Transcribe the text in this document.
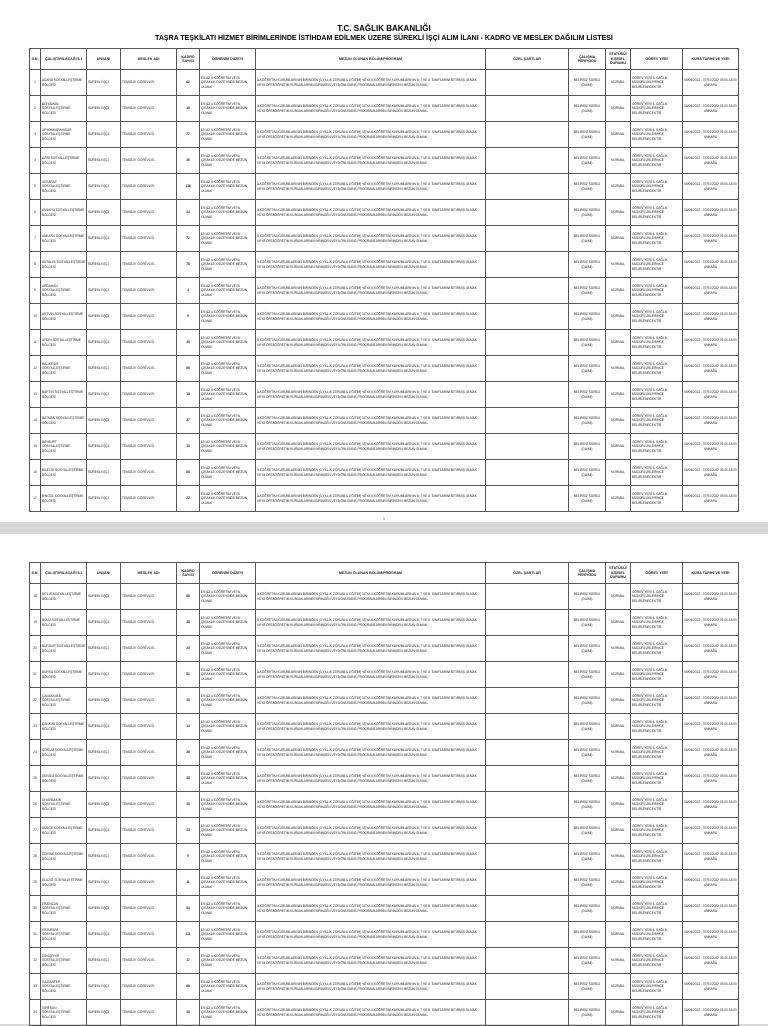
T.C. SAĞLIK BAKANLIĞI
TAŞRA TEŞKİLATI HİZMET BİRİMLERİNDE İSTİHDAM EDİLMEK ÜZERE SÜREKLİ İŞÇİ ALIM İLANI - KADRO VE MESLEK DAĞILIM LİSTESİ
S.N.	ÇALIŞTIRILACAĞI İLİ	UNVANI	MESLEK ADI	KADRO SAYISI	ÖĞRENİM DÜZEYİ	MEZUN OLUNAN BÖLÜM/PROGRAM	ÖZEL ŞARTLAR	ÇALIŞMA PERİYODU	STATÜSÜ/ KİŞİSEL DURUMU	GÖREV YERİ	KURA TARİHİ VE YERİ
1	ADANA SOSYALLEŞTİRME BÖLGESİ	SÜREKLİ İŞÇİ	TEMİZLİK GÖREVLİSİ	62	EN AZ İLKÖĞRETİM VEYA ÇIRAKLIK DÜZEYİNDE MEZUN OLMAK	İLKÖĞRETİM KURUMLARININ BİRİNDEN (3 YILLIK ZORUNLU EĞİTİM) VEYA İLKÖĞRETİM KURUMLARININ 6, 7 VE 8. SINIFLARINI BİTİRMİŞ OLMAK VEYA ORTAÖĞRETİM KURUMLARININ BİRİNDEN VEYA ÖNLİSANS PROGRAMLARININ BİRİNDEN MEZUN OLMAK.		BELİRSİZ SÜRELİ (DAİMİ)	NORMAL	GÖREV YERİ İL SAĞLIK MÜDÜRLÜKLERİNCE BELİRLENECEKTİR.	06/04/2022 - 07/04/2022 09.00-18.00 ANKARA
2	ADIYAMAN SOSYALLEŞTİRME BÖLGESİ	SÜREKLİ İŞÇİ	TEMİZLİK GÖREVLİSİ	19	EN AZ İLKÖĞRETİM VEYA ÇIRAKLIK DÜZEYİNDE MEZUN OLMAK	İLKÖĞRETİM KURUMLARININ BİRİNDEN (3 YILLIK ZORUNLU EĞİTİM) VEYA İLKÖĞRETİM KURUMLARININ 6, 7 VE 8. SINIFLARINI BİTİRMİŞ OLMAK VEYA ORTAÖĞRETİM KURUMLARININ BİRİNDEN VEYA ÖNLİSANS PROGRAMLARININ BİRİNDEN MEZUN OLMAK.		BELİRSİZ SÜRELİ (DAİMİ)	NORMAL	GÖREV YERİ İL SAĞLIK MÜDÜRLÜKLERİNCE BELİRLENECEKTİR.	06/04/2022 - 07/04/2022 09.00-18.00 ANKARA
3	AFYONKARAHİSAR SOSYALLEŞTİRME BÖLGESİ	SÜREKLİ İŞÇİ	TEMİZLİK GÖREVLİSİ	77	EN AZ İLKÖĞRETİM VEYA ÇIRAKLIK DÜZEYİNDE MEZUN OLMAK	İLKÖĞRETİM KURUMLARININ BİRİNDEN (3 YILLIK ZORUNLU EĞİTİM) VEYA İLKÖĞRETİM KURUMLARININ 6, 7 VE 8. SINIFLARINI BİTİRMİŞ OLMAK VEYA ORTAÖĞRETİM KURUMLARININ BİRİNDEN VEYA ÖNLİSANS PROGRAMLARININ BİRİNDEN MEZUN OLMAK.		BELİRSİZ SÜRELİ (DAİMİ)	NORMAL	GÖREV YERİ İL SAĞLIK MÜDÜRLÜKLERİNCE BELİRLENECEKTİR.	06/04/2022 - 07/04/2022 09.00-18.00 ANKARA
4	AĞRI SOSYALLEŞTİRME BÖLGESİ	SÜREKLİ İŞÇİ	TEMİZLİK GÖREVLİSİ	36	EN AZ İLKÖĞRETİM VEYA ÇIRAKLIK DÜZEYİNDE MEZUN OLMAK	İLKÖĞRETİM KURUMLARININ BİRİNDEN (3 YILLIK ZORUNLU EĞİTİM) VEYA İLKÖĞRETİM KURUMLARININ 6, 7 VE 8. SINIFLARINI BİTİRMİŞ OLMAK VEYA ORTAÖĞRETİM KURUMLARININ BİRİNDEN VEYA ÖNLİSANS PROGRAMLARININ BİRİNDEN MEZUN OLMAK.		BELİRSİZ SÜRELİ (DAİMİ)	NORMAL	GÖREV YERİ İL SAĞLIK MÜDÜRLÜKLERİNCE BELİRLENECEKTİR.	06/04/2022 - 07/04/2022 09.00-18.00 ANKARA
5	AKSARAY SOSYALLEŞTİRME BÖLGESİ	SÜREKLİ İŞÇİ	TEMİZLİK GÖREVLİSİ	136	EN AZ İLKÖĞRETİM VEYA ÇIRAKLIK DÜZEYİNDE MEZUN OLMAK	İLKÖĞRETİM KURUMLARININ BİRİNDEN (3 YILLIK ZORUNLU EĞİTİM) VEYA İLKÖĞRETİM KURUMLARININ 6, 7 VE 8. SINIFLARINI BİTİRMİŞ OLMAK VEYA ORTAÖĞRETİM KURUMLARININ BİRİNDEN VEYA ÖNLİSANS PROGRAMLARININ BİRİNDEN MEZUN OLMAK.		BELİRSİZ SÜRELİ (DAİMİ)	NORMAL	GÖREV YERİ İL SAĞLIK MÜDÜRLÜKLERİNCE BELİRLENECEKTİR.	06/04/2022 - 07/04/2022 09.00-18.00 ANKARA
6	AMASYA SOSYALLEŞTİRME BÖLGESİ	SÜREKLİ İŞÇİ	TEMİZLİK GÖREVLİSİ	24	EN AZ İLKÖĞRETİM VEYA ÇIRAKLIK DÜZEYİNDE MEZUN OLMAK	İLKÖĞRETİM KURUMLARININ BİRİNDEN (3 YILLIK ZORUNLU EĞİTİM) VEYA İLKÖĞRETİM KURUMLARININ 6, 7 VE 8. SINIFLARINI BİTİRMİŞ OLMAK VEYA ORTAÖĞRETİM KURUMLARININ BİRİNDEN VEYA ÖNLİSANS PROGRAMLARININ BİRİNDEN MEZUN OLMAK.		BELİRSİZ SÜRELİ (DAİMİ)	NORMAL	GÖREV YERİ İL SAĞLIK MÜDÜRLÜKLERİNCE BELİRLENECEKTİR.	06/04/2022 - 07/04/2022 09.00-18.00 ANKARA
7	ANKARA SOSYALLEŞTİRME BÖLGESİ	SÜREKLİ İŞÇİ	TEMİZLİK GÖREVLİSİ	72	EN AZ İLKÖĞRETİM VEYA ÇIRAKLIK DÜZEYİNDE MEZUN OLMAK	İLKÖĞRETİM KURUMLARININ BİRİNDEN (3 YILLIK ZORUNLU EĞİTİM) VEYA İLKÖĞRETİM KURUMLARININ 6, 7 VE 8. SINIFLARINI BİTİRMİŞ OLMAK VEYA ORTAÖĞRETİM KURUMLARININ BİRİNDEN VEYA ÖNLİSANS PROGRAMLARININ BİRİNDEN MEZUN OLMAK.		BELİRSİZ SÜRELİ (DAİMİ)	NORMAL	GÖREV YERİ İL SAĞLIK MÜDÜRLÜKLERİNCE BELİRLENECEKTİR.	06/04/2022 - 07/04/2022 09.00-18.00 ANKARA
8	ANTALYA SOSYALLEŞTİRME BÖLGESİ	SÜREKLİ İŞÇİ	TEMİZLİK GÖREVLİSİ	78	EN AZ İLKÖĞRETİM VEYA ÇIRAKLIK DÜZEYİNDE MEZUN OLMAK	İLKÖĞRETİM KURUMLARININ BİRİNDEN (3 YILLIK ZORUNLU EĞİTİM) VEYA İLKÖĞRETİM KURUMLARININ 6, 7 VE 8. SINIFLARINI BİTİRMİŞ OLMAK VEYA ORTAÖĞRETİM KURUMLARININ BİRİNDEN VEYA ÖNLİSANS PROGRAMLARININ BİRİNDEN MEZUN OLMAK.		BELİRSİZ SÜRELİ (DAİMİ)	NORMAL	GÖREV YERİ İL SAĞLIK MÜDÜRLÜKLERİNCE BELİRLENECEKTİR.	06/04/2022 - 07/04/2022 09.00-18.00 ANKARA
9	ARDAHAN SOSYALLEŞTİRME BÖLGESİ	SÜREKLİ İŞÇİ	TEMİZLİK GÖREVLİSİ	4	EN AZ İLKÖĞRETİM VEYA ÇIRAKLIK DÜZEYİNDE MEZUN OLMAK	İLKÖĞRETİM KURUMLARININ BİRİNDEN (3 YILLIK ZORUNLU EĞİTİM) VEYA İLKÖĞRETİM KURUMLARININ 6, 7 VE 8. SINIFLARINI BİTİRMİŞ OLMAK VEYA ORTAÖĞRETİM KURUMLARININ BİRİNDEN VEYA ÖNLİSANS PROGRAMLARININ BİRİNDEN MEZUN OLMAK.		BELİRSİZ SÜRELİ (DAİMİ)	NORMAL	GÖREV YERİ İL SAĞLIK MÜDÜRLÜKLERİNCE BELİRLENECEKTİR.	06/04/2022 - 07/04/2022 09.00-18.00 ANKARA
10	ARTVİN SOSYALLEŞTİRME BÖLGESİ	SÜREKLİ İŞÇİ	TEMİZLİK GÖREVLİSİ	9	EN AZ İLKÖĞRETİM VEYA ÇIRAKLIK DÜZEYİNDE MEZUN OLMAK	İLKÖĞRETİM KURUMLARININ BİRİNDEN (3 YILLIK ZORUNLU EĞİTİM) VEYA İLKÖĞRETİM KURUMLARININ 6, 7 VE 8. SINIFLARINI BİTİRMİŞ OLMAK VEYA ORTAÖĞRETİM KURUMLARININ BİRİNDEN VEYA ÖNLİSANS PROGRAMLARININ BİRİNDEN MEZUN OLMAK.		BELİRSİZ SÜRELİ (DAİMİ)	NORMAL	GÖREV YERİ İL SAĞLIK MÜDÜRLÜKLERİNCE BELİRLENECEKTİR.	06/04/2022 - 07/04/2022 09.00-18.00 ANKARA
11	AYDIN SOSYALLEŞTİRME BÖLGESİ	SÜREKLİ İŞÇİ	TEMİZLİK GÖREVLİSİ	40	EN AZ İLKÖĞRETİM VEYA ÇIRAKLIK DÜZEYİNDE MEZUN OLMAK	İLKÖĞRETİM KURUMLARININ BİRİNDEN (3 YILLIK ZORUNLU EĞİTİM) VEYA İLKÖĞRETİM KURUMLARININ 6, 7 VE 8. SINIFLARINI BİTİRMİŞ OLMAK VEYA ORTAÖĞRETİM KURUMLARININ BİRİNDEN VEYA ÖNLİSANS PROGRAMLARININ BİRİNDEN MEZUN OLMAK.		BELİRSİZ SÜRELİ (DAİMİ)	NORMAL	GÖREV YERİ İL SAĞLIK MÜDÜRLÜKLERİNCE BELİRLENECEKTİR.	06/04/2022 - 07/04/2022 09.00-18.00 ANKARA
12	BALIKESİR SOSYALLEŞTİRME BÖLGESİ	SÜREKLİ İŞÇİ	TEMİZLİK GÖREVLİSİ	66	EN AZ İLKÖĞRETİM VEYA ÇIRAKLIK DÜZEYİNDE MEZUN OLMAK	İLKÖĞRETİM KURUMLARININ BİRİNDEN (3 YILLIK ZORUNLU EĞİTİM) VEYA İLKÖĞRETİM KURUMLARININ 6, 7 VE 8. SINIFLARINI BİTİRMİŞ OLMAK VEYA ORTAÖĞRETİM KURUMLARININ BİRİNDEN VEYA ÖNLİSANS PROGRAMLARININ BİRİNDEN MEZUN OLMAK.		BELİRSİZ SÜRELİ (DAİMİ)	NORMAL	GÖREV YERİ İL SAĞLIK MÜDÜRLÜKLERİNCE BELİRLENECEKTİR.	06/04/2022 - 07/04/2022 09.00-18.00 ANKARA
13	BARTIN SOSYALLEŞTİRME BÖLGESİ	SÜREKLİ İŞÇİ	TEMİZLİK GÖREVLİSİ	15	EN AZ İLKÖĞRETİM VEYA ÇIRAKLIK DÜZEYİNDE MEZUN OLMAK	İLKÖĞRETİM KURUMLARININ BİRİNDEN (3 YILLIK ZORUNLU EĞİTİM) VEYA İLKÖĞRETİM KURUMLARININ 6, 7 VE 8. SINIFLARINI BİTİRMİŞ OLMAK VEYA ORTAÖĞRETİM KURUMLARININ BİRİNDEN VEYA ÖNLİSANS PROGRAMLARININ BİRİNDEN MEZUN OLMAK.		BELİRSİZ SÜRELİ (DAİMİ)	NORMAL	GÖREV YERİ İL SAĞLIK MÜDÜRLÜKLERİNCE BELİRLENECEKTİR.	06/04/2022 - 07/04/2022 09.00-18.00 ANKARA
14	BATMAN SOSYALLEŞTİRME BÖLGESİ	SÜREKLİ İŞÇİ	TEMİZLİK GÖREVLİSİ	37	EN AZ İLKÖĞRETİM VEYA ÇIRAKLIK DÜZEYİNDE MEZUN OLMAK	İLKÖĞRETİM KURUMLARININ BİRİNDEN (3 YILLIK ZORUNLU EĞİTİM) VEYA İLKÖĞRETİM KURUMLARININ 6, 7 VE 8. SINIFLARINI BİTİRMİŞ OLMAK VEYA ORTAÖĞRETİM KURUMLARININ BİRİNDEN VEYA ÖNLİSANS PROGRAMLARININ BİRİNDEN MEZUN OLMAK.		BELİRSİZ SÜRELİ (DAİMİ)	NORMAL	GÖREV YERİ İL SAĞLIK MÜDÜRLÜKLERİNCE BELİRLENECEKTİR.	06/04/2022 - 07/04/2022 09.00-18.00 ANKARA
15	BAYBURT SOSYALLEŞTİRME BÖLGESİ	SÜREKLİ İŞÇİ	TEMİZLİK GÖREVLİSİ	13	EN AZ İLKÖĞRETİM VEYA ÇIRAKLIK DÜZEYİNDE MEZUN OLMAK	İLKÖĞRETİM KURUMLARININ BİRİNDEN (3 YILLIK ZORUNLU EĞİTİM) VEYA İLKÖĞRETİM KURUMLARININ 6, 7 VE 8. SINIFLARINI BİTİRMİŞ OLMAK VEYA ORTAÖĞRETİM KURUMLARININ BİRİNDEN VEYA ÖNLİSANS PROGRAMLARININ BİRİNDEN MEZUN OLMAK.		BELİRSİZ SÜRELİ (DAİMİ)	NORMAL	GÖREV YERİ İL SAĞLIK MÜDÜRLÜKLERİNCE BELİRLENECEKTİR.	06/04/2022 - 07/04/2022 09.00-18.00 ANKARA
16	BİLECİK SOSYALLEŞTİRME BÖLGESİ	SÜREKLİ İŞÇİ	TEMİZLİK GÖREVLİSİ	85	EN AZ İLKÖĞRETİM VEYA ÇIRAKLIK DÜZEYİNDE MEZUN OLMAK	İLKÖĞRETİM KURUMLARININ BİRİNDEN (3 YILLIK ZORUNLU EĞİTİM) VEYA İLKÖĞRETİM KURUMLARININ 6, 7 VE 8. SINIFLARINI BİTİRMİŞ OLMAK VEYA ORTAÖĞRETİM KURUMLARININ BİRİNDEN VEYA ÖNLİSANS PROGRAMLARININ BİRİNDEN MEZUN OLMAK.		BELİRSİZ SÜRELİ (DAİMİ)	NORMAL	GÖREV YERİ İL SAĞLIK MÜDÜRLÜKLERİNCE BELİRLENECEKTİR.	06/04/2022 - 07/04/2022 09.00-18.00 ANKARA
17	BİNGÖL SOSYALLEŞTİRME BÖLGESİ	SÜREKLİ İŞÇİ	TEMİZLİK GÖREVLİSİ	22	EN AZ İLKÖĞRETİM VEYA ÇIRAKLIK DÜZEYİNDE MEZUN OLMAK	İLKÖĞRETİM KURUMLARININ BİRİNDEN (3 YILLIK ZORUNLU EĞİTİM) VEYA İLKÖĞRETİM KURUMLARININ 6, 7 VE 8. SINIFLARINI BİTİRMİŞ OLMAK VEYA ORTAÖĞRETİM KURUMLARININ BİRİNDEN VEYA ÖNLİSANS PROGRAMLARININ BİRİNDEN MEZUN OLMAK.		BELİRSİZ SÜRELİ (DAİMİ)	NORMAL	GÖREV YERİ İL SAĞLIK MÜDÜRLÜKLERİNCE BELİRLENECEKTİR.	06/04/2022 - 07/04/2022 09.00-18.00 ANKARA
1
S.N.	ÇALIŞTIRILACAĞI İLİ	UNVANI	MESLEK ADI	KADRO SAYISI	ÖĞRENİM DÜZEYİ	MEZUN OLUNAN BÖLÜM/PROGRAM	ÖZEL ŞARTLAR	ÇALIŞMA PERİYODU	STATÜSÜ/ KİŞİSEL DURUMU	GÖREV YERİ	KURA TARİHİ VE YERİ
18	BİTLİS SOSYALLEŞTİRME BÖLGESİ	SÜREKLİ İŞÇİ	TEMİZLİK GÖREVLİSİ	69	EN AZ İLKÖĞRETİM VEYA ÇIRAKLIK DÜZEYİNDE MEZUN OLMAK	İLKÖĞRETİM KURUMLARININ BİRİNDEN (3 YILLIK ZORUNLU EĞİTİM) VEYA İLKÖĞRETİM KURUMLARININ 6, 7 VE 8. SINIFLARINI BİTİRMİŞ OLMAK VEYA ORTAÖĞRETİM KURUMLARININ BİRİNDEN VEYA ÖNLİSANS PROGRAMLARININ BİRİNDEN MEZUN OLMAK.		BELİRSİZ SÜRELİ (DAİMİ)	NORMAL	GÖREV YERİ İL SAĞLIK MÜDÜRLÜKLERİNCE BELİRLENECEKTİR.	06/04/2022 - 07/04/2022 09.00-18.00 ANKARA
19	BOLU SOSYALLEŞTİRME BÖLGESİ	SÜREKLİ İŞÇİ	TEMİZLİK GÖREVLİSİ	38	EN AZ İLKÖĞRETİM VEYA ÇIRAKLIK DÜZEYİNDE MEZUN OLMAK	İLKÖĞRETİM KURUMLARININ BİRİNDEN (3 YILLIK ZORUNLU EĞİTİM) VEYA İLKÖĞRETİM KURUMLARININ 6, 7 VE 8. SINIFLARINI BİTİRMİŞ OLMAK VEYA ORTAÖĞRETİM KURUMLARININ BİRİNDEN VEYA ÖNLİSANS PROGRAMLARININ BİRİNDEN MEZUN OLMAK.		BELİRSİZ SÜRELİ (DAİMİ)	NORMAL	GÖREV YERİ İL SAĞLIK MÜDÜRLÜKLERİNCE BELİRLENECEKTİR.	06/04/2022 - 07/04/2022 09.00-18.00 ANKARA
20	BURDUR SOSYALLEŞTİRME BÖLGESİ	SÜREKLİ İŞÇİ	TEMİZLİK GÖREVLİSİ	33	EN AZ İLKÖĞRETİM VEYA ÇIRAKLIK DÜZEYİNDE MEZUN OLMAK	İLKÖĞRETİM KURUMLARININ BİRİNDEN (3 YILLIK ZORUNLU EĞİTİM) VEYA İLKÖĞRETİM KURUMLARININ 6, 7 VE 8. SINIFLARINI BİTİRMİŞ OLMAK VEYA ORTAÖĞRETİM KURUMLARININ BİRİNDEN VEYA ÖNLİSANS PROGRAMLARININ BİRİNDEN MEZUN OLMAK.		BELİRSİZ SÜRELİ (DAİMİ)	NORMAL	GÖREV YERİ İL SAĞLIK MÜDÜRLÜKLERİNCE BELİRLENECEKTİR.	06/04/2022 - 07/04/2022 09.00-18.00 ANKARA
21	BURSA SOSYALLEŞTİRME BÖLGESİ	SÜREKLİ İŞÇİ	TEMİZLİK GÖREVLİSİ	51	EN AZ İLKÖĞRETİM VEYA ÇIRAKLIK DÜZEYİNDE MEZUN OLMAK	İLKÖĞRETİM KURUMLARININ BİRİNDEN (3 YILLIK ZORUNLU EĞİTİM) VEYA İLKÖĞRETİM KURUMLARININ 6, 7 VE 8. SINIFLARINI BİTİRMİŞ OLMAK VEYA ORTAÖĞRETİM KURUMLARININ BİRİNDEN VEYA ÖNLİSANS PROGRAMLARININ BİRİNDEN MEZUN OLMAK.		BELİRSİZ SÜRELİ (DAİMİ)	NORMAL	GÖREV YERİ İL SAĞLIK MÜDÜRLÜKLERİNCE BELİRLENECEKTİR.	06/04/2022 - 07/04/2022 09.00-18.00 ANKARA
22	ÇANAKKALE SOSYALLEŞTİRME BÖLGESİ	SÜREKLİ İŞÇİ	TEMİZLİK GÖREVLİSİ	30	EN AZ İLKÖĞRETİM VEYA ÇIRAKLIK DÜZEYİNDE MEZUN OLMAK	İLKÖĞRETİM KURUMLARININ BİRİNDEN (3 YILLIK ZORUNLU EĞİTİM) VEYA İLKÖĞRETİM KURUMLARININ 6, 7 VE 8. SINIFLARINI BİTİRMİŞ OLMAK VEYA ORTAÖĞRETİM KURUMLARININ BİRİNDEN VEYA ÖNLİSANS PROGRAMLARININ BİRİNDEN MEZUN OLMAK.		BELİRSİZ SÜRELİ (DAİMİ)	NORMAL	GÖREV YERİ İL SAĞLIK MÜDÜRLÜKLERİNCE BELİRLENECEKTİR.	06/04/2022 - 07/04/2022 09.00-18.00 ANKARA
23	ÇANKIRI SOSYALLEŞTİRME BÖLGESİ	SÜREKLİ İŞÇİ	TEMİZLİK GÖREVLİSİ	14	EN AZ İLKÖĞRETİM VEYA ÇIRAKLIK DÜZEYİNDE MEZUN OLMAK	İLKÖĞRETİM KURUMLARININ BİRİNDEN (3 YILLIK ZORUNLU EĞİTİM) VEYA İLKÖĞRETİM KURUMLARININ 6, 7 VE 8. SINIFLARINI BİTİRMİŞ OLMAK VEYA ORTAÖĞRETİM KURUMLARININ BİRİNDEN VEYA ÖNLİSANS PROGRAMLARININ BİRİNDEN MEZUN OLMAK.		BELİRSİZ SÜRELİ (DAİMİ)	NORMAL	GÖREV YERİ İL SAĞLIK MÜDÜRLÜKLERİNCE BELİRLENECEKTİR.	06/04/2022 - 07/04/2022 09.00-18.00 ANKARA
24	ÇORUM SOSYALLEŞTİRME BÖLGESİ	SÜREKLİ İŞÇİ	TEMİZLİK GÖREVLİSİ	38	EN AZ İLKÖĞRETİM VEYA ÇIRAKLIK DÜZEYİNDE MEZUN OLMAK	İLKÖĞRETİM KURUMLARININ BİRİNDEN (3 YILLIK ZORUNLU EĞİTİM) VEYA İLKÖĞRETİM KURUMLARININ 6, 7 VE 8. SINIFLARINI BİTİRMİŞ OLMAK VEYA ORTAÖĞRETİM KURUMLARININ BİRİNDEN VEYA ÖNLİSANS PROGRAMLARININ BİRİNDEN MEZUN OLMAK.		BELİRSİZ SÜRELİ (DAİMİ)	NORMAL	GÖREV YERİ İL SAĞLIK MÜDÜRLÜKLERİNCE BELİRLENECEKTİR.	06/04/2022 - 07/04/2022 09.00-18.00 ANKARA
25	DENİZLİ SOSYALLEŞTİRME BÖLGESİ	SÜREKLİ İŞÇİ	TEMİZLİK GÖREVLİSİ	38	EN AZ İLKÖĞRETİM VEYA ÇIRAKLIK DÜZEYİNDE MEZUN OLMAK	İLKÖĞRETİM KURUMLARININ BİRİNDEN (3 YILLIK ZORUNLU EĞİTİM) VEYA İLKÖĞRETİM KURUMLARININ 6, 7 VE 8. SINIFLARINI BİTİRMİŞ OLMAK VEYA ORTAÖĞRETİM KURUMLARININ BİRİNDEN VEYA ÖNLİSANS PROGRAMLARININ BİRİNDEN MEZUN OLMAK.		BELİRSİZ SÜRELİ (DAİMİ)	NORMAL	GÖREV YERİ İL SAĞLIK MÜDÜRLÜKLERİNCE BELİRLENECEKTİR.	06/04/2022 - 07/04/2022 09.00-18.00 ANKARA
26	DİYARBAKIR SOSYALLEŞTİRME BÖLGESİ	SÜREKLİ İŞÇİ	TEMİZLİK GÖREVLİSİ	30	EN AZ İLKÖĞRETİM VEYA ÇIRAKLIK DÜZEYİNDE MEZUN OLMAK	İLKÖĞRETİM KURUMLARININ BİRİNDEN (3 YILLIK ZORUNLU EĞİTİM) VEYA İLKÖĞRETİM KURUMLARININ 6, 7 VE 8. SINIFLARINI BİTİRMİŞ OLMAK VEYA ORTAÖĞRETİM KURUMLARININ BİRİNDEN VEYA ÖNLİSANS PROGRAMLARININ BİRİNDEN MEZUN OLMAK.		BELİRSİZ SÜRELİ (DAİMİ)	NORMAL	GÖREV YERİ İL SAĞLIK MÜDÜRLÜKLERİNCE BELİRLENECEKTİR.	06/04/2022 - 07/04/2022 09.00-18.00 ANKARA
27	DÜZCE SOSYALLEŞTİRME BÖLGESİ	SÜREKLİ İŞÇİ	TEMİZLİK GÖREVLİSİ	23	EN AZ İLKÖĞRETİM VEYA ÇIRAKLIK DÜZEYİNDE MEZUN OLMAK	İLKÖĞRETİM KURUMLARININ BİRİNDEN (3 YILLIK ZORUNLU EĞİTİM) VEYA İLKÖĞRETİM KURUMLARININ 6, 7 VE 8. SINIFLARINI BİTİRMİŞ OLMAK VEYA ORTAÖĞRETİM KURUMLARININ BİRİNDEN VEYA ÖNLİSANS PROGRAMLARININ BİRİNDEN MEZUN OLMAK.		BELİRSİZ SÜRELİ (DAİMİ)	NORMAL	GÖREV YERİ İL SAĞLIK MÜDÜRLÜKLERİNCE BELİRLENECEKTİR.	06/04/2022 - 07/04/2022 09.00-18.00 ANKARA
28	EDİRNE SOSYALLEŞTİRME BÖLGESİ	SÜREKLİ İŞÇİ	TEMİZLİK GÖREVLİSİ	9	EN AZ İLKÖĞRETİM VEYA ÇIRAKLIK DÜZEYİNDE MEZUN OLMAK	İLKÖĞRETİM KURUMLARININ BİRİNDEN (3 YILLIK ZORUNLU EĞİTİM) VEYA İLKÖĞRETİM KURUMLARININ 6, 7 VE 8. SINIFLARINI BİTİRMİŞ OLMAK VEYA ORTAÖĞRETİM KURUMLARININ BİRİNDEN VEYA ÖNLİSANS PROGRAMLARININ BİRİNDEN MEZUN OLMAK.		BELİRSİZ SÜRELİ (DAİMİ)	NORMAL	GÖREV YERİ İL SAĞLIK MÜDÜRLÜKLERİNCE BELİRLENECEKTİR.	06/04/2022 - 07/04/2022 09.00-18.00 ANKARA
29	ELAZIĞ SOSYALLEŞTİRME BÖLGESİ	SÜREKLİ İŞÇİ	TEMİZLİK GÖREVLİSİ	11	EN AZ İLKÖĞRETİM VEYA ÇIRAKLIK DÜZEYİNDE MEZUN OLMAK	İLKÖĞRETİM KURUMLARININ BİRİNDEN (3 YILLIK ZORUNLU EĞİTİM) VEYA İLKÖĞRETİM KURUMLARININ 6, 7 VE 8. SINIFLARINI BİTİRMİŞ OLMAK VEYA ORTAÖĞRETİM KURUMLARININ BİRİNDEN VEYA ÖNLİSANS PROGRAMLARININ BİRİNDEN MEZUN OLMAK.		BELİRSİZ SÜRELİ (DAİMİ)	NORMAL	GÖREV YERİ İL SAĞLIK MÜDÜRLÜKLERİNCE BELİRLENECEKTİR.	06/04/2022 - 07/04/2022 09.00-18.00 ANKARA
30	ERZİNCAN SOSYALLEŞTİRME BÖLGESİ	SÜREKLİ İŞÇİ	TEMİZLİK GÖREVLİSİ	54	EN AZ İLKÖĞRETİM VEYA ÇIRAKLIK DÜZEYİNDE MEZUN OLMAK	İLKÖĞRETİM KURUMLARININ BİRİNDEN (3 YILLIK ZORUNLU EĞİTİM) VEYA İLKÖĞRETİM KURUMLARININ 6, 7 VE 8. SINIFLARINI BİTİRMİŞ OLMAK VEYA ORTAÖĞRETİM KURUMLARININ BİRİNDEN VEYA ÖNLİSANS PROGRAMLARININ BİRİNDEN MEZUN OLMAK.		BELİRSİZ SÜRELİ (DAİMİ)	NORMAL	GÖREV YERİ İL SAĞLIK MÜDÜRLÜKLERİNCE BELİRLENECEKTİR.	06/04/2022 - 07/04/2022 09.00-18.00 ANKARA
31	ERZURUM SOSYALLEŞTİRME BÖLGESİ	SÜREKLİ İŞÇİ	TEMİZLİK GÖREVLİSİ	111	EN AZ İLKÖĞRETİM VEYA ÇIRAKLIK DÜZEYİNDE MEZUN OLMAK	İLKÖĞRETİM KURUMLARININ BİRİNDEN (3 YILLIK ZORUNLU EĞİTİM) VEYA İLKÖĞRETİM KURUMLARININ 6, 7 VE 8. SINIFLARINI BİTİRMİŞ OLMAK VEYA ORTAÖĞRETİM KURUMLARININ BİRİNDEN VEYA ÖNLİSANS PROGRAMLARININ BİRİNDEN MEZUN OLMAK.		BELİRSİZ SÜRELİ (DAİMİ)	NORMAL	GÖREV YERİ İL SAĞLIK MÜDÜRLÜKLERİNCE BELİRLENECEKTİR.	06/04/2022 - 07/04/2022 09.00-18.00 ANKARA
32	ESKİŞEHİR SOSYALLEŞTİRME BÖLGESİ	SÜREKLİ İŞÇİ	TEMİZLİK GÖREVLİSİ	17	EN AZ İLKÖĞRETİM VEYA ÇIRAKLIK DÜZEYİNDE MEZUN OLMAK	İLKÖĞRETİM KURUMLARININ BİRİNDEN (3 YILLIK ZORUNLU EĞİTİM) VEYA İLKÖĞRETİM KURUMLARININ 6, 7 VE 8. SINIFLARINI BİTİRMİŞ OLMAK VEYA ORTAÖĞRETİM KURUMLARININ BİRİNDEN VEYA ÖNLİSANS PROGRAMLARININ BİRİNDEN MEZUN OLMAK.		BELİRSİZ SÜRELİ (DAİMİ)	NORMAL	GÖREV YERİ İL SAĞLIK MÜDÜRLÜKLERİNCE BELİRLENECEKTİR.	06/04/2022 - 07/04/2022 09.00-18.00 ANKARA
33	GAZİANTEP SOSYALLEŞTİRME BÖLGESİ	SÜREKLİ İŞÇİ	TEMİZLİK GÖREVLİSİ	66	EN AZ İLKÖĞRETİM VEYA ÇIRAKLIK DÜZEYİNDE MEZUN OLMAK	İLKÖĞRETİM KURUMLARININ BİRİNDEN (3 YILLIK ZORUNLU EĞİTİM) VEYA İLKÖĞRETİM KURUMLARININ 6, 7 VE 8. SINIFLARINI BİTİRMİŞ OLMAK VEYA ORTAÖĞRETİM KURUMLARININ BİRİNDEN VEYA ÖNLİSANS PROGRAMLARININ BİRİNDEN MEZUN OLMAK.		BELİRSİZ SÜRELİ (DAİMİ)	NORMAL	GÖREV YERİ İL SAĞLIK MÜDÜRLÜKLERİNCE BELİRLENECEKTİR.	06/04/2022 - 07/04/2022 09.00-18.00 ANKARA
34	GİRESUN SOSYALLEŞTİRME BÖLGESİ	SÜREKLİ İŞÇİ	TEMİZLİK GÖREVLİSİ	40	EN AZ İLKÖĞRETİM VEYA ÇIRAKLIK DÜZEYİNDE MEZUN OLMAK	İLKÖĞRETİM KURUMLARININ BİRİNDEN (3 YILLIK ZORUNLU EĞİTİM) VEYA İLKÖĞRETİM KURUMLARININ 6, 7 VE 8. SINIFLARINI BİTİRMİŞ OLMAK VEYA ORTAÖĞRETİM KURUMLARININ BİRİNDEN VEYA ÖNLİSANS PROGRAMLARININ BİRİNDEN MEZUN OLMAK.		BELİRSİZ SÜRELİ (DAİMİ)	NORMAL	GÖREV YERİ İL SAĞLIK MÜDÜRLÜKLERİNCE BELİRLENECEKTİR.	06/04/2022 - 07/04/2022 09.00-18.00 ANKARA
